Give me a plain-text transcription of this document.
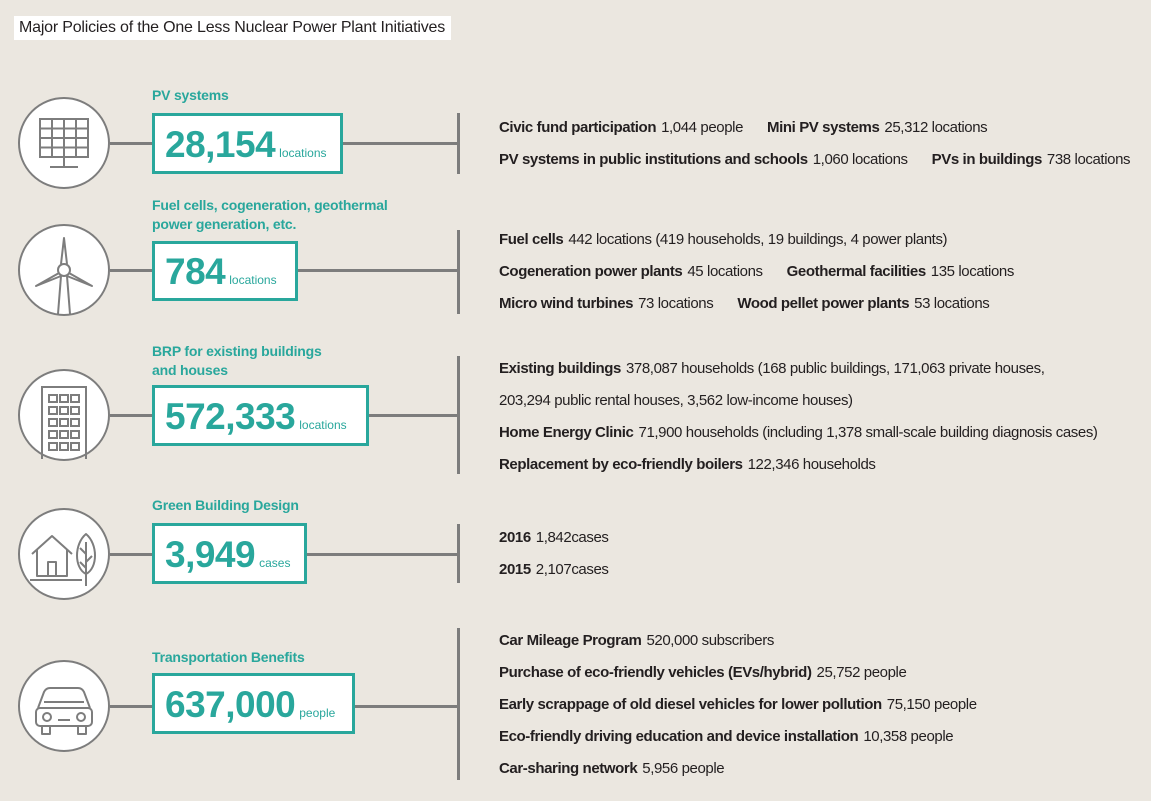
Major Policies of the One Less Nuclear Power Plant Initiatives
PV systems
28,154 locations
Civic fund participation 1,044 people Mini PV systems 25,312 locations
PV systems in public institutions and schools 1,060 locations PVs in buildings 738 locations
Fuel cells, cogeneration, geothermal power generation, etc.
784 locations
Fuel cells 442 locations (419 households, 19 buildings, 4 power plants)
Cogeneration power plants 45 locations Geothermal facilities 135 locations
Micro wind turbines 73 locations Wood pellet power plants 53 locations
BRP for existing buildings and houses
572,333 locations
Existing buildings 378,087 households (168 public buildings, 171,063 private houses,
203,294 public rental houses, 3,562 low-income houses)
Home Energy Clinic 71,900 households (including 1,378 small-scale building diagnosis cases)
Replacement by eco-friendly boilers 122,346 households
Green Building Design
3,949 cases
2016 1,842cases
2015 2,107cases
Transportation Benefits
637,000 people
Car Mileage Program 520,000 subscribers
Purchase of eco-friendly vehicles (EVs/hybrid) 25,752 people
Early scrappage of old diesel vehicles for lower pollution 75,150 people
Eco-friendly driving education and device installation 10,358 people
Car-sharing network 5,956 people
